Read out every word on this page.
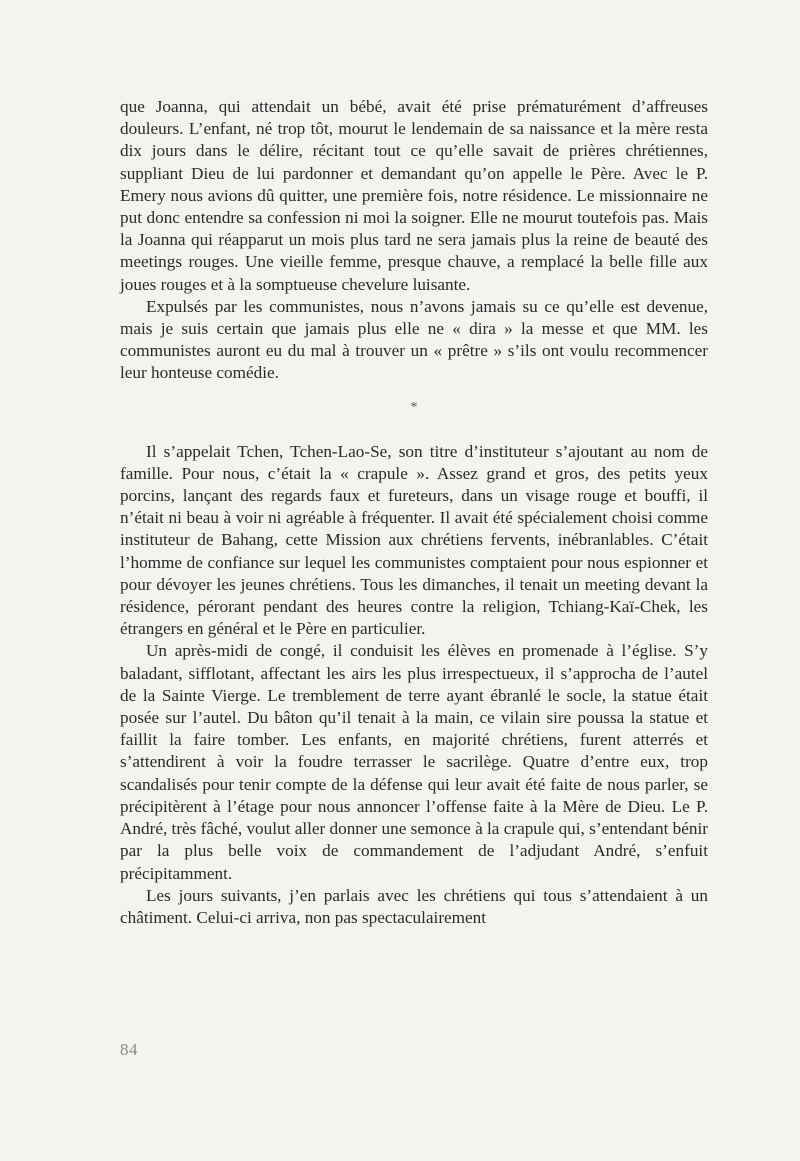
que Joanna, qui attendait un bébé, avait été prise prématurément d’affreuses douleurs. L’enfant, né trop tôt, mourut le lendemain de sa naissance et la mère resta dix jours dans le délire, récitant tout ce qu’elle savait de prières chrétiennes, suppliant Dieu de lui pardonner et demandant qu’on appelle le Père. Avec le P. Emery nous avions dû quitter, une première fois, notre résidence. Le missionnaire ne put donc entendre sa confession ni moi la soigner. Elle ne mourut toutefois pas. Mais la Joanna qui réapparut un mois plus tard ne sera jamais plus la reine de beauté des meetings rouges. Une vieille femme, presque chauve, a remplacé la belle fille aux joues rouges et à la somptueuse chevelure luisante.

Expulsés par les communistes, nous n’avons jamais su ce qu’elle est devenue, mais je suis certain que jamais plus elle ne « dira » la messe et que MM. les communistes auront eu du mal à trouver un « prêtre » s’ils ont voulu recommencer leur honteuse comédie.

*

Il s’appelait Tchen, Tchen-Lao-Se, son titre d’instituteur s’ajoutant au nom de famille. Pour nous, c’était la « crapule ». Assez grand et gros, des petits yeux porcins, lançant des regards faux et fureteurs, dans un visage rouge et bouffi, il n’était ni beau à voir ni agréable à fréquenter. Il avait été spécialement choisi comme instituteur de Bahang, cette Mission aux chrétiens fervents, inébranlables. C’était l’homme de confiance sur lequel les communistes comptaient pour nous espionner et pour dévoyer les jeunes chrétiens. Tous les dimanches, il tenait un meeting devant la résidence, pérorant pendant des heures contre la religion, Tchiang-Kaï-Chek, les étrangers en général et le Père en particulier.

Un après-midi de congé, il conduisit les élèves en promenade à l’église. S’y baladant, sifflotant, affectant les airs les plus irrespectueux, il s’approcha de l’autel de la Sainte Vierge. Le tremblement de terre ayant ébranlé le socle, la statue était posée sur l’autel. Du bâton qu’il tenait à la main, ce vilain sire poussa la statue et faillit la faire tomber. Les enfants, en majorité chrétiens, furent atterrés et s’attendirent à voir la foudre terrasser le sacrilège. Quatre d’entre eux, trop scandalisés pour tenir compte de la défense qui leur avait été faite de nous parler, se précipitèrent à l’étage pour nous annoncer l’offense faite à la Mère de Dieu. Le P. André, très fâché, voulut aller donner une semonce à la crapule qui, s’entendant bénir par la plus belle voix de commandement de l’adjudant André, s’enfuit précipitamment.

Les jours suivants, j’en parlais avec les chrétiens qui tous s’attendaient à un châtiment. Celui-ci arriva, non pas spectaculairement

84
